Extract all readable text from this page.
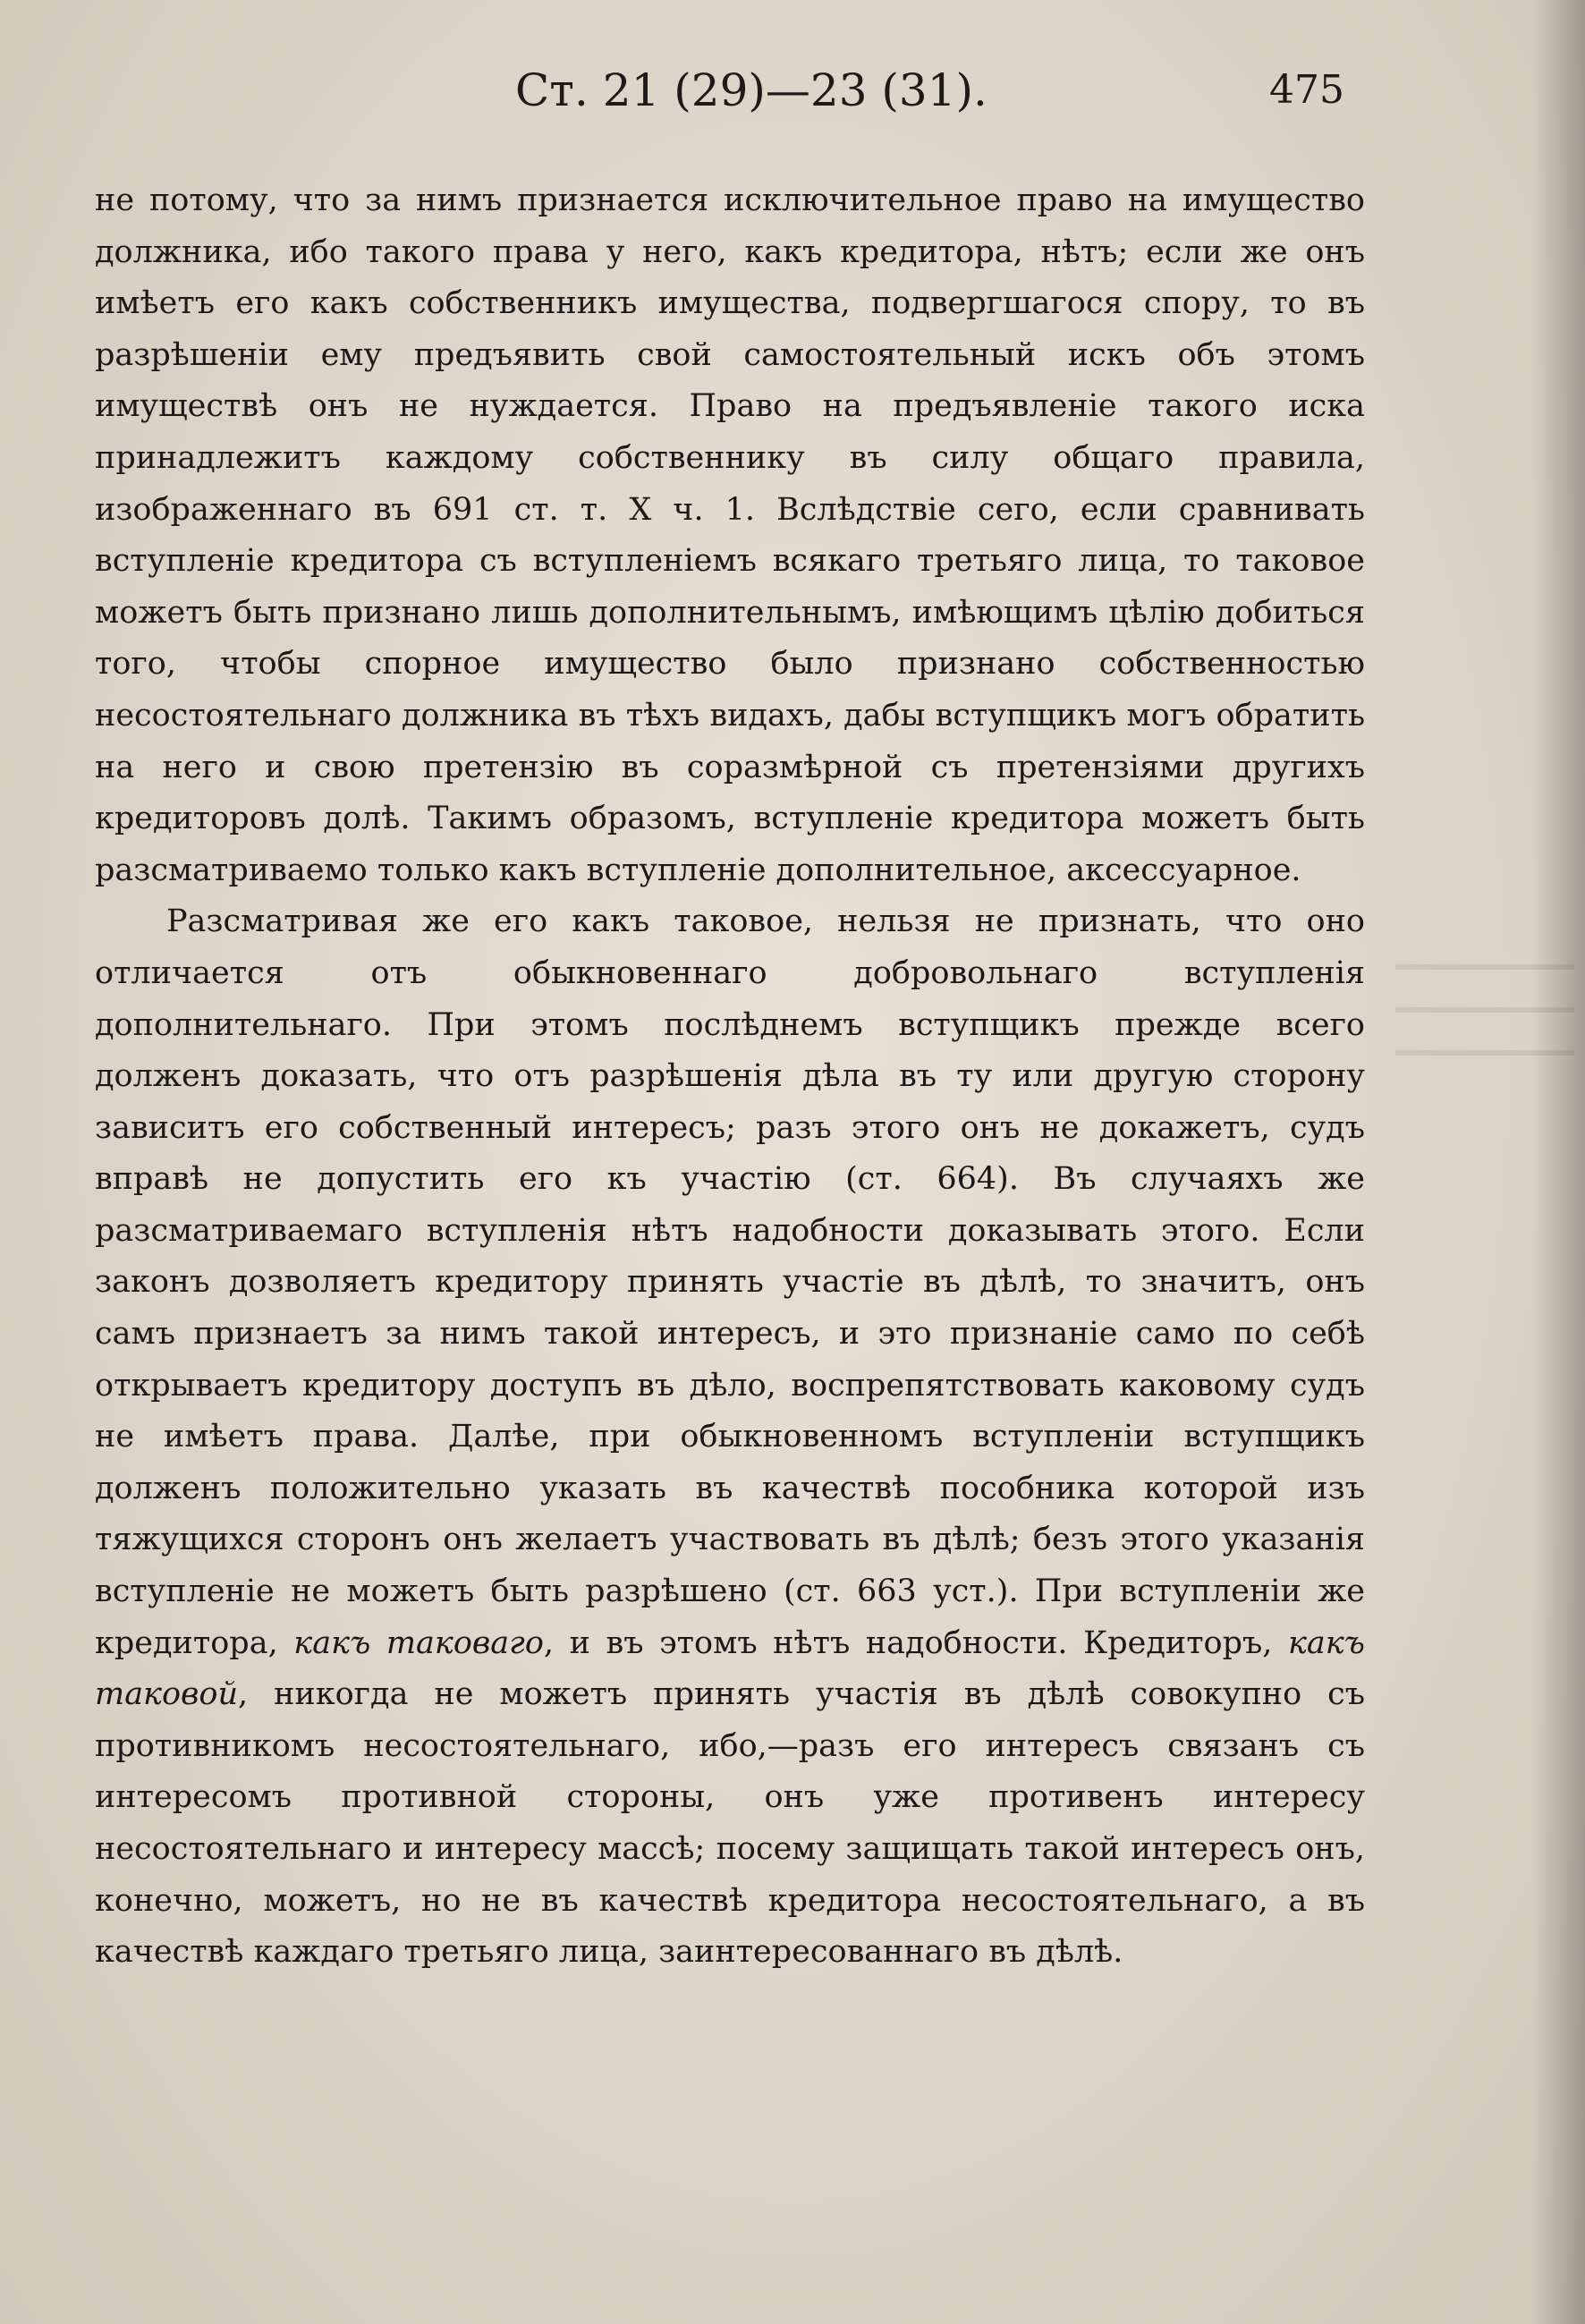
Ст. 21 (29)—23 (31).	475

не потому, что за нимъ признается исключительное право на имущество должника, ибо такого права у него, какъ кредитора, нѣтъ; если же онъ имѣетъ его какъ собственникъ имущества, подвергшагося спору, то въ разрѣшеніи ему предъявить свой самостоятельный искъ объ этомъ имуществѣ онъ не нуждается. Право на предъявленіе такого иска принадлежитъ каждому собственнику въ силу общаго правила, изображеннаго въ 691 ст. т. X ч. 1. Вслѣдствіе сего, если сравнивать вступленіе кредитора съ вступленіемъ всякаго третьяго лица, то таковое можетъ быть признано лишь дополнительнымъ, имѣющимъ цѣлію добиться того, чтобы спорное имущество было признано собственностью несостоятельнаго должника въ тѣхъ видахъ, дабы вступщикъ могъ обратить на него и свою претензію въ соразмѣрной съ претензіями другихъ кредиторовъ долѣ. Такимъ образомъ, вступленіе кредитора можетъ быть разсматриваемо только какъ вступленіе дополнительное, аксессуарное.

Разсматривая же его какъ таковое, нельзя не признать, что оно отличается отъ обыкновеннаго добровольнаго вступленія дополнительнаго. При этомъ послѣднемъ вступщикъ прежде всего долженъ доказать, что отъ разрѣшенія дѣла въ ту или другую сторону зависитъ его собственный интересъ; разъ этого онъ не докажетъ, судъ вправѣ не допустить его къ участію (ст. 664). Въ случаяхъ же разсматриваемаго вступленія нѣтъ надобности доказывать этого. Если законъ дозволяетъ кредитору принять участіе въ дѣлѣ, то значитъ, онъ самъ признаетъ за нимъ такой интересъ, и это признаніе само по себѣ открываетъ кредитору доступъ въ дѣло, воспрепятствовать каковому судъ не имѣетъ права. Далѣе, при обыкновенномъ вступленіи вступщикъ долженъ положительно указать въ качествѣ пособника которой изъ тяжущихся сторонъ онъ желаетъ участвовать въ дѣлѣ; безъ этого указанія вступленіе не можетъ быть разрѣшено (ст. 663 уст.). При вступленіи же кредитора, какъ таковаго, и въ этомъ нѣтъ надобности. Кредиторъ, какъ таковой, никогда не можетъ принять участія въ дѣлѣ совокупно съ противникомъ несостоятельнаго, ибо,—разъ его интересъ связанъ съ интересомъ противной стороны, онъ уже противенъ интересу несостоятельнаго и интересу массѣ; посему защищать такой интересъ онъ, конечно, можетъ, но не въ качествѣ кредитора несостоятельнаго, а въ качествѣ каждаго третьяго лица, заинтересованнаго въ дѣлѣ.
